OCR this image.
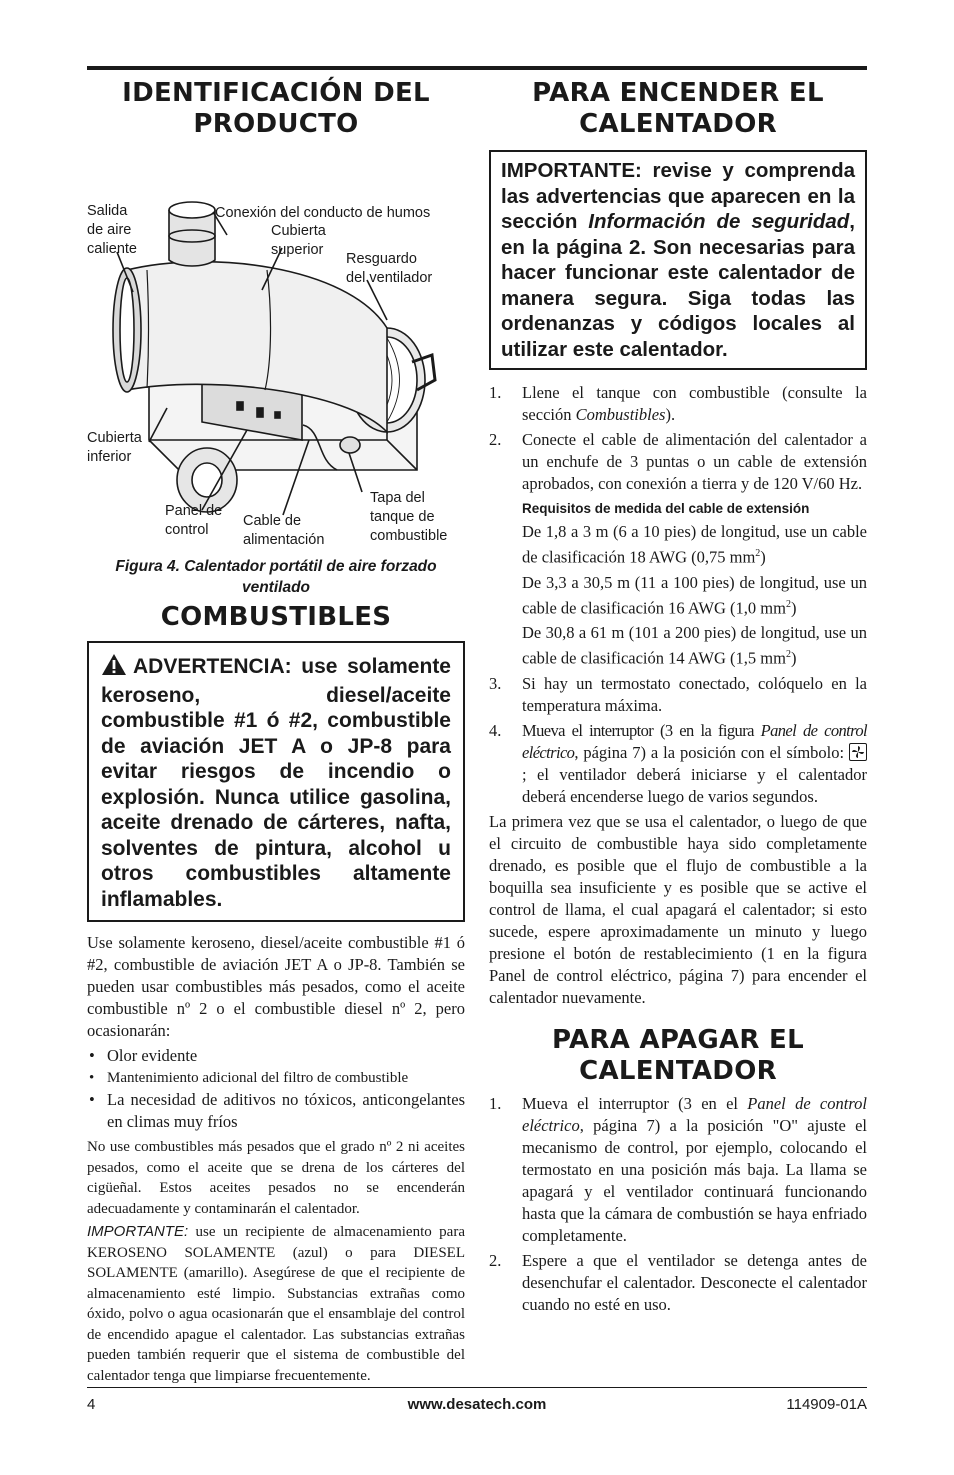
IDENTIFICACIÓN DEL PRODUCTO
Salida
de aire
caliente
Conexión del conducto de humos
Cubierta
superior
Resguardo
del ventilador
Cubierta
inferior
Panel de
control
Cable de
alimentación
Tapa del
tanque de
combustible
Figura 4. Calentador portátil de aire forzado ventilado
COMBUSTIBLES

ADVERTENCIA: use solamente keroseno, diesel/aceite combustible #1 ó #2, combustible de aviación JET A o JP-8 para evitar riesgos de incendio o explosión. Nunca utilice gasolina, aceite drenado de cárteres, nafta, solventes de pintura, alcohol u otros combustibles altamente inflamables.

Use solamente keroseno, diesel/aceite combustible #1 ó #2, combustible de aviación JET A o JP-8. También se pueden usar combustibles más pesados, como el aceite combustible nº 2 o el combustible diesel nº 2, pero ocasionarán:

• Olor evidente
• Mantenimiento adicional del filtro de combustible
• La necesidad de aditivos no tóxicos, anticongelantes en climas muy fríos

No use combustibles más pesados que el grado nº 2 ni aceites pesados, como el aceite que se drena de los cárteres del cigüeñal. Estos aceites pesados no se encenderán adecuadamente y contaminarán el calentador.

IMPORTANTE: use un recipiente de almacenamiento para KEROSENO SOLAMENTE (azul) o para DIESEL SOLAMENTE (amarillo). Asegúrese de que el recipiente de almacenamiento esté limpio. Substancias extrañas como óxido, polvo o agua ocasionarán que el ensamblaje del control de encendido apague el calentador. Las substancias extrañas pueden también requerir que el sistema de combustible del calentador tenga que limpiarse frecuentemente.

PARA ENCENDER EL CALENTADOR

IMPORTANTE: revise y comprenda las advertencias que aparecen en la sección Información de seguridad, en la página 2. Son necesarias para hacer funcionar este calentador de manera segura. Siga todas las ordenanzas y códigos locales al utilizar este calentador.

1. Llene el tanque con combustible (consulte la sección Combustibles).
2. Conecte el cable de alimentación del calentador a un enchufe de 3 puntas o un cable de extensión aprobados, con conexión a tierra y de 120 V/60 Hz.
Requisitos de medida del cable de extensión

De 1,8 a 3 m (6 a 10 pies) de longitud, use un cable de clasificación 18 AWG (0,75 $mm^2$)

De 3,3 a 30,5 m (11 a 100 pies) de longitud, use un cable de clasificación 16 AWG (1,0 $mm^2$)

De 30,8 a 61 m (101 a 200 pies) de longitud, use un cable de clasificación 14 AWG (1,5 $mm^2$)

3. Si hay un termostato conectado, colóquelo en la temperatura máxima.
4. Mueva el interruptor (3 en la figura Panel de control eléctrico, página 7) a la posición con el símbolo:
; el ventilador deberá iniciarse y el calentador deberá encenderse luego de varios segundos.

La primera vez que se usa el calentador, o luego de que el circuito de combustible haya sido completamente drenado, es posible que el flujo de combustible a la boquilla sea insuficiente y es posible que se active el control de llama, el cual apagará el calentador; si esto sucede, espere aproximadamente un minuto y luego presione el botón de restablecimiento (1 en la figura Panel de control eléctrico, página 7) para encender el calentador nuevamente.

PARA APAGAR EL CALENTADOR
1. Mueva el interruptor (3 en el Panel de control eléctrico, página 7) a la posición "O" ajuste el mecanismo de control, por ejemplo, colocando el termostato en una posición más baja. La llama se apagará y el ventilador continuará funcionando hasta que la cámara de combustión se haya enfriado completamente.
2. Espere a que el ventilador se detenga antes de desenchufar el calentador. Desconecte el calentador cuando no esté en uso.
www.desatech.com
4	114909-01A
